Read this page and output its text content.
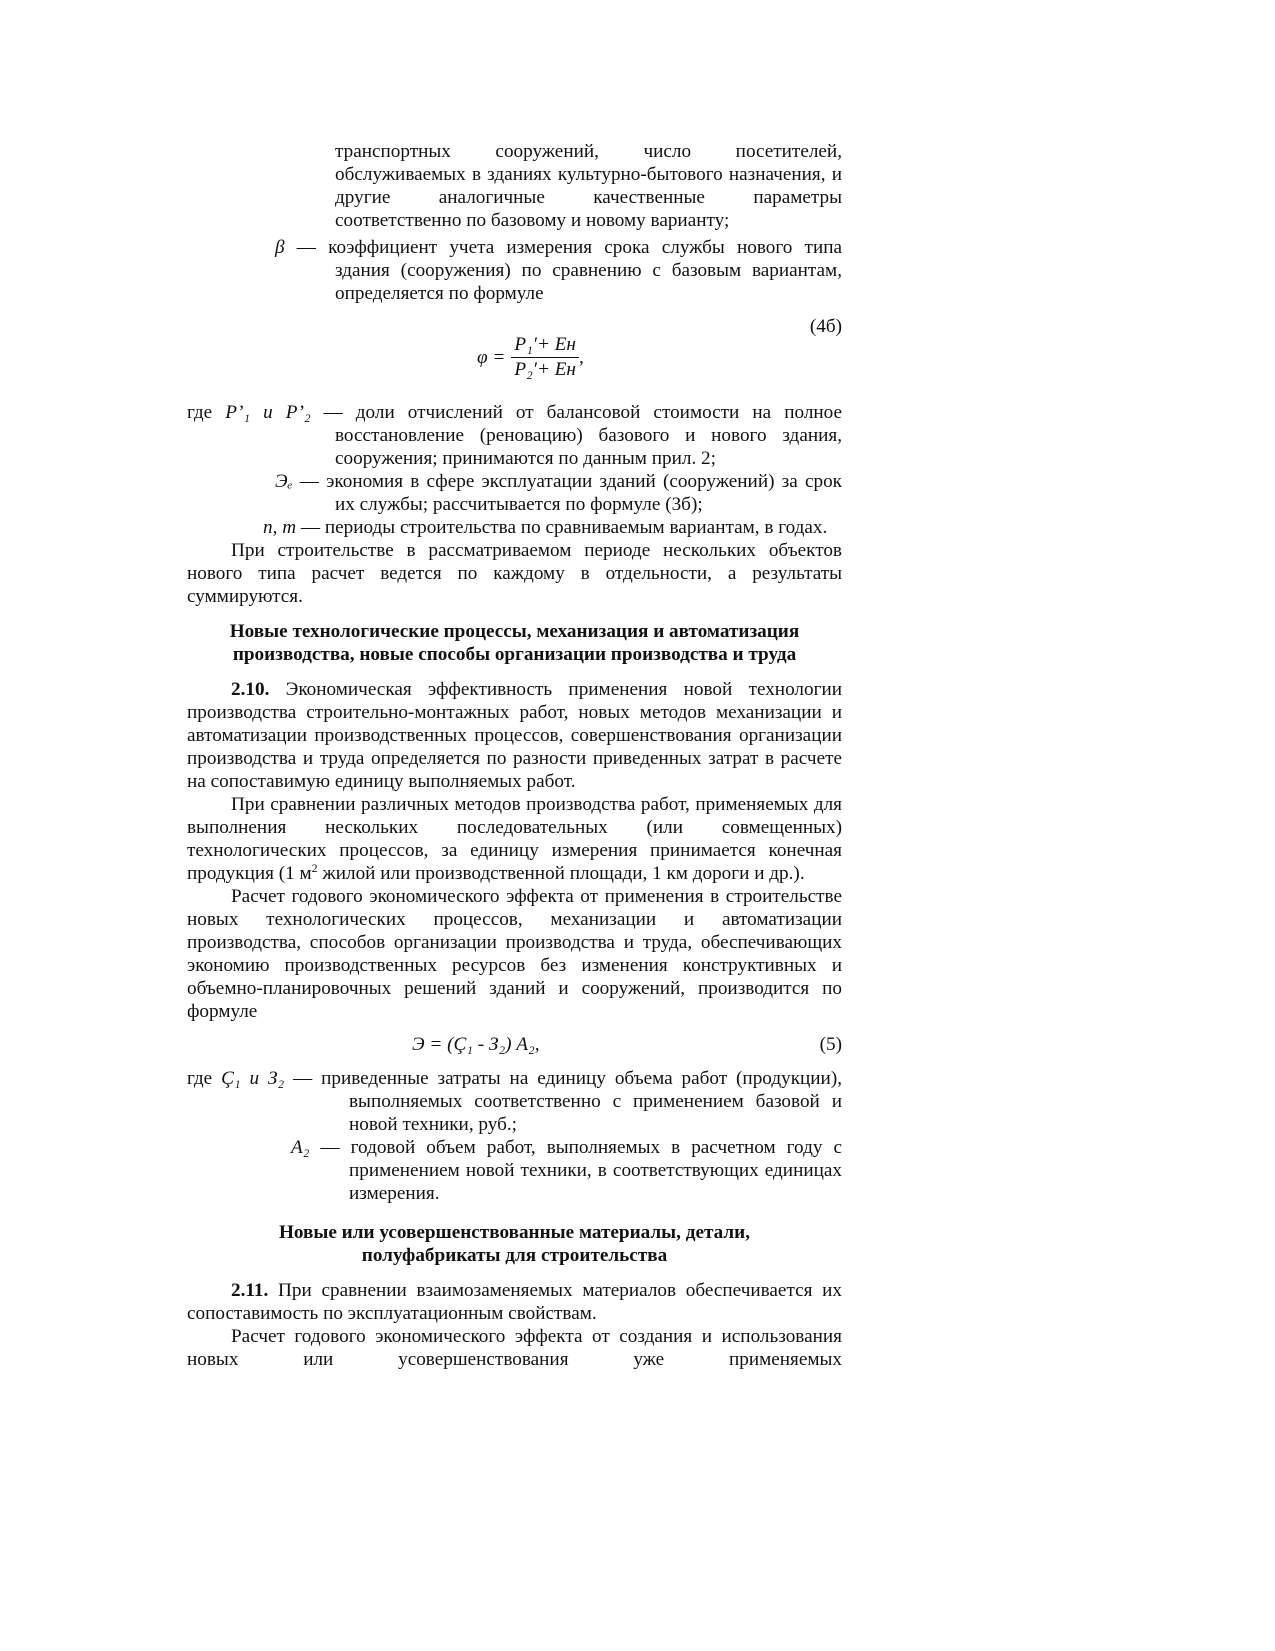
транспортных сооружений, число посетителей, обслуживаемых в зданиях культурно-бытового назначения, и другие аналогичные качественные параметры соответственно по базовому и новому варианту;
β — коэффициент учета измерения срока службы нового типа здания (сооружения) по сравнению с базовым вариантам, определяется по формуле
(4б)
$\varphi = \frac{\text{P₁′+ Eн}}{\text{P₂′+ Eн}}$ ,
где P’₁ и P’₂ — доли отчислений от балансовой стоимости на полное восстановление (реновацию) базового и нового здания, сооружения; принимаются по данным прил. 2;
Эₑ — экономия в сфере эксплуатации зданий (сооружений) за срок их службы; рассчитывается по формуле (3б);
n, m — периоды строительства по сравниваемым вариантам, в годах.
При строительстве в рассматриваемом периоде нескольких объектов нового типа расчет ведется по каждому в отдельности, а результаты суммируются.
Новые технологические процессы, механизация и автоматизация
производства, новые способы организации производства и труда
2.10. Экономическая эффективность применения новой технологии производства строительно-монтажных работ, новых методов механизации и автоматизации производственных процессов, совершенствования организации производства и труда определяется по разности приведенных затрат в расчете на сопоставимую единицу выполняемых работ.
При сравнении различных методов производства работ, применяемых для выполнения нескольких последовательных (или совмещенных) технологических процессов, за единицу измерения принимается конечная продукция (1 $м^2$ жилой или производственной площади, 1 км дороги и др.).
Расчет годового экономического эффекта от применения в строительстве новых технологических процессов, механизации и автоматизации производства, способов организации производства и труда, обеспечивающих экономию производственных ресурсов без изменения конструктивных и объемно-планировочных решений зданий и сооружений, производится по формуле
Э = (Ç₁ - З₂) А₂,	(5)
где Ç₁ и З₂ — приведенные затраты на единицу объема работ (продукции), выполняемых соответственно с применением базовой и новой техники, руб.;
А₂ — годовой объем работ, выполняемых в расчетном году с применением новой техники, в соответствующих единицах измерения.
Новые или усовершенствованные материалы, детали,
полуфабрикаты для строительства
2.11. При сравнении взаимозаменяемых материалов обеспечивается их сопоставимость по эксплуатационным свойствам.
Расчет годового экономического эффекта от создания и использования новых или усовершенствования уже применяемых
